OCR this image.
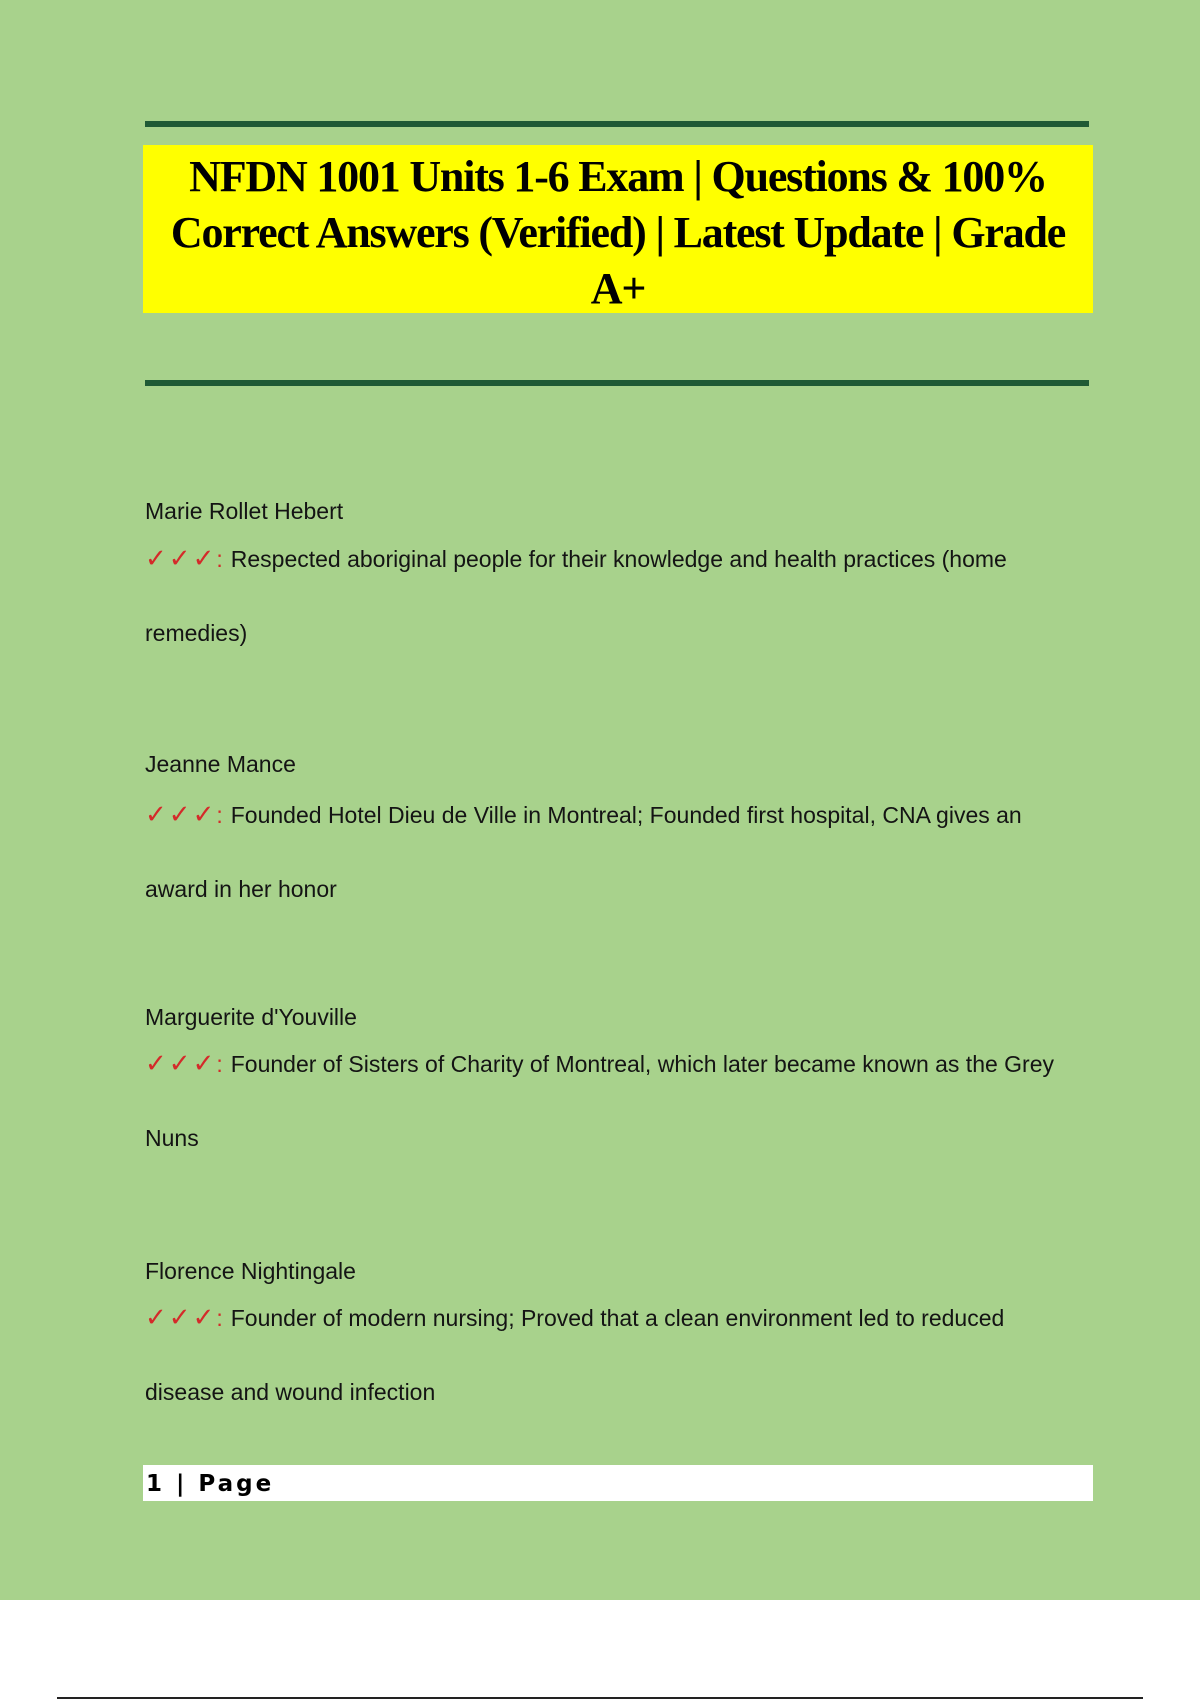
NFDN 1001 Units 1-6 Exam | Questions & 100% Correct Answers (Verified) | Latest Update | Grade A+

Marie Rollet Hebert

✓✓✓: Respected aboriginal people for their knowledge and health practices (home remedies)

Jeanne Mance

✓✓✓: Founded Hotel Dieu de Ville in Montreal; Founded first hospital, CNA gives an award in her honor

Marguerite d'Youville

✓✓✓: Founder of Sisters of Charity of Montreal, which later became known as the Grey Nuns

Florence Nightingale

✓✓✓: Founder of modern nursing; Proved that a clean environment led to reduced disease and wound infection

1 | Page
